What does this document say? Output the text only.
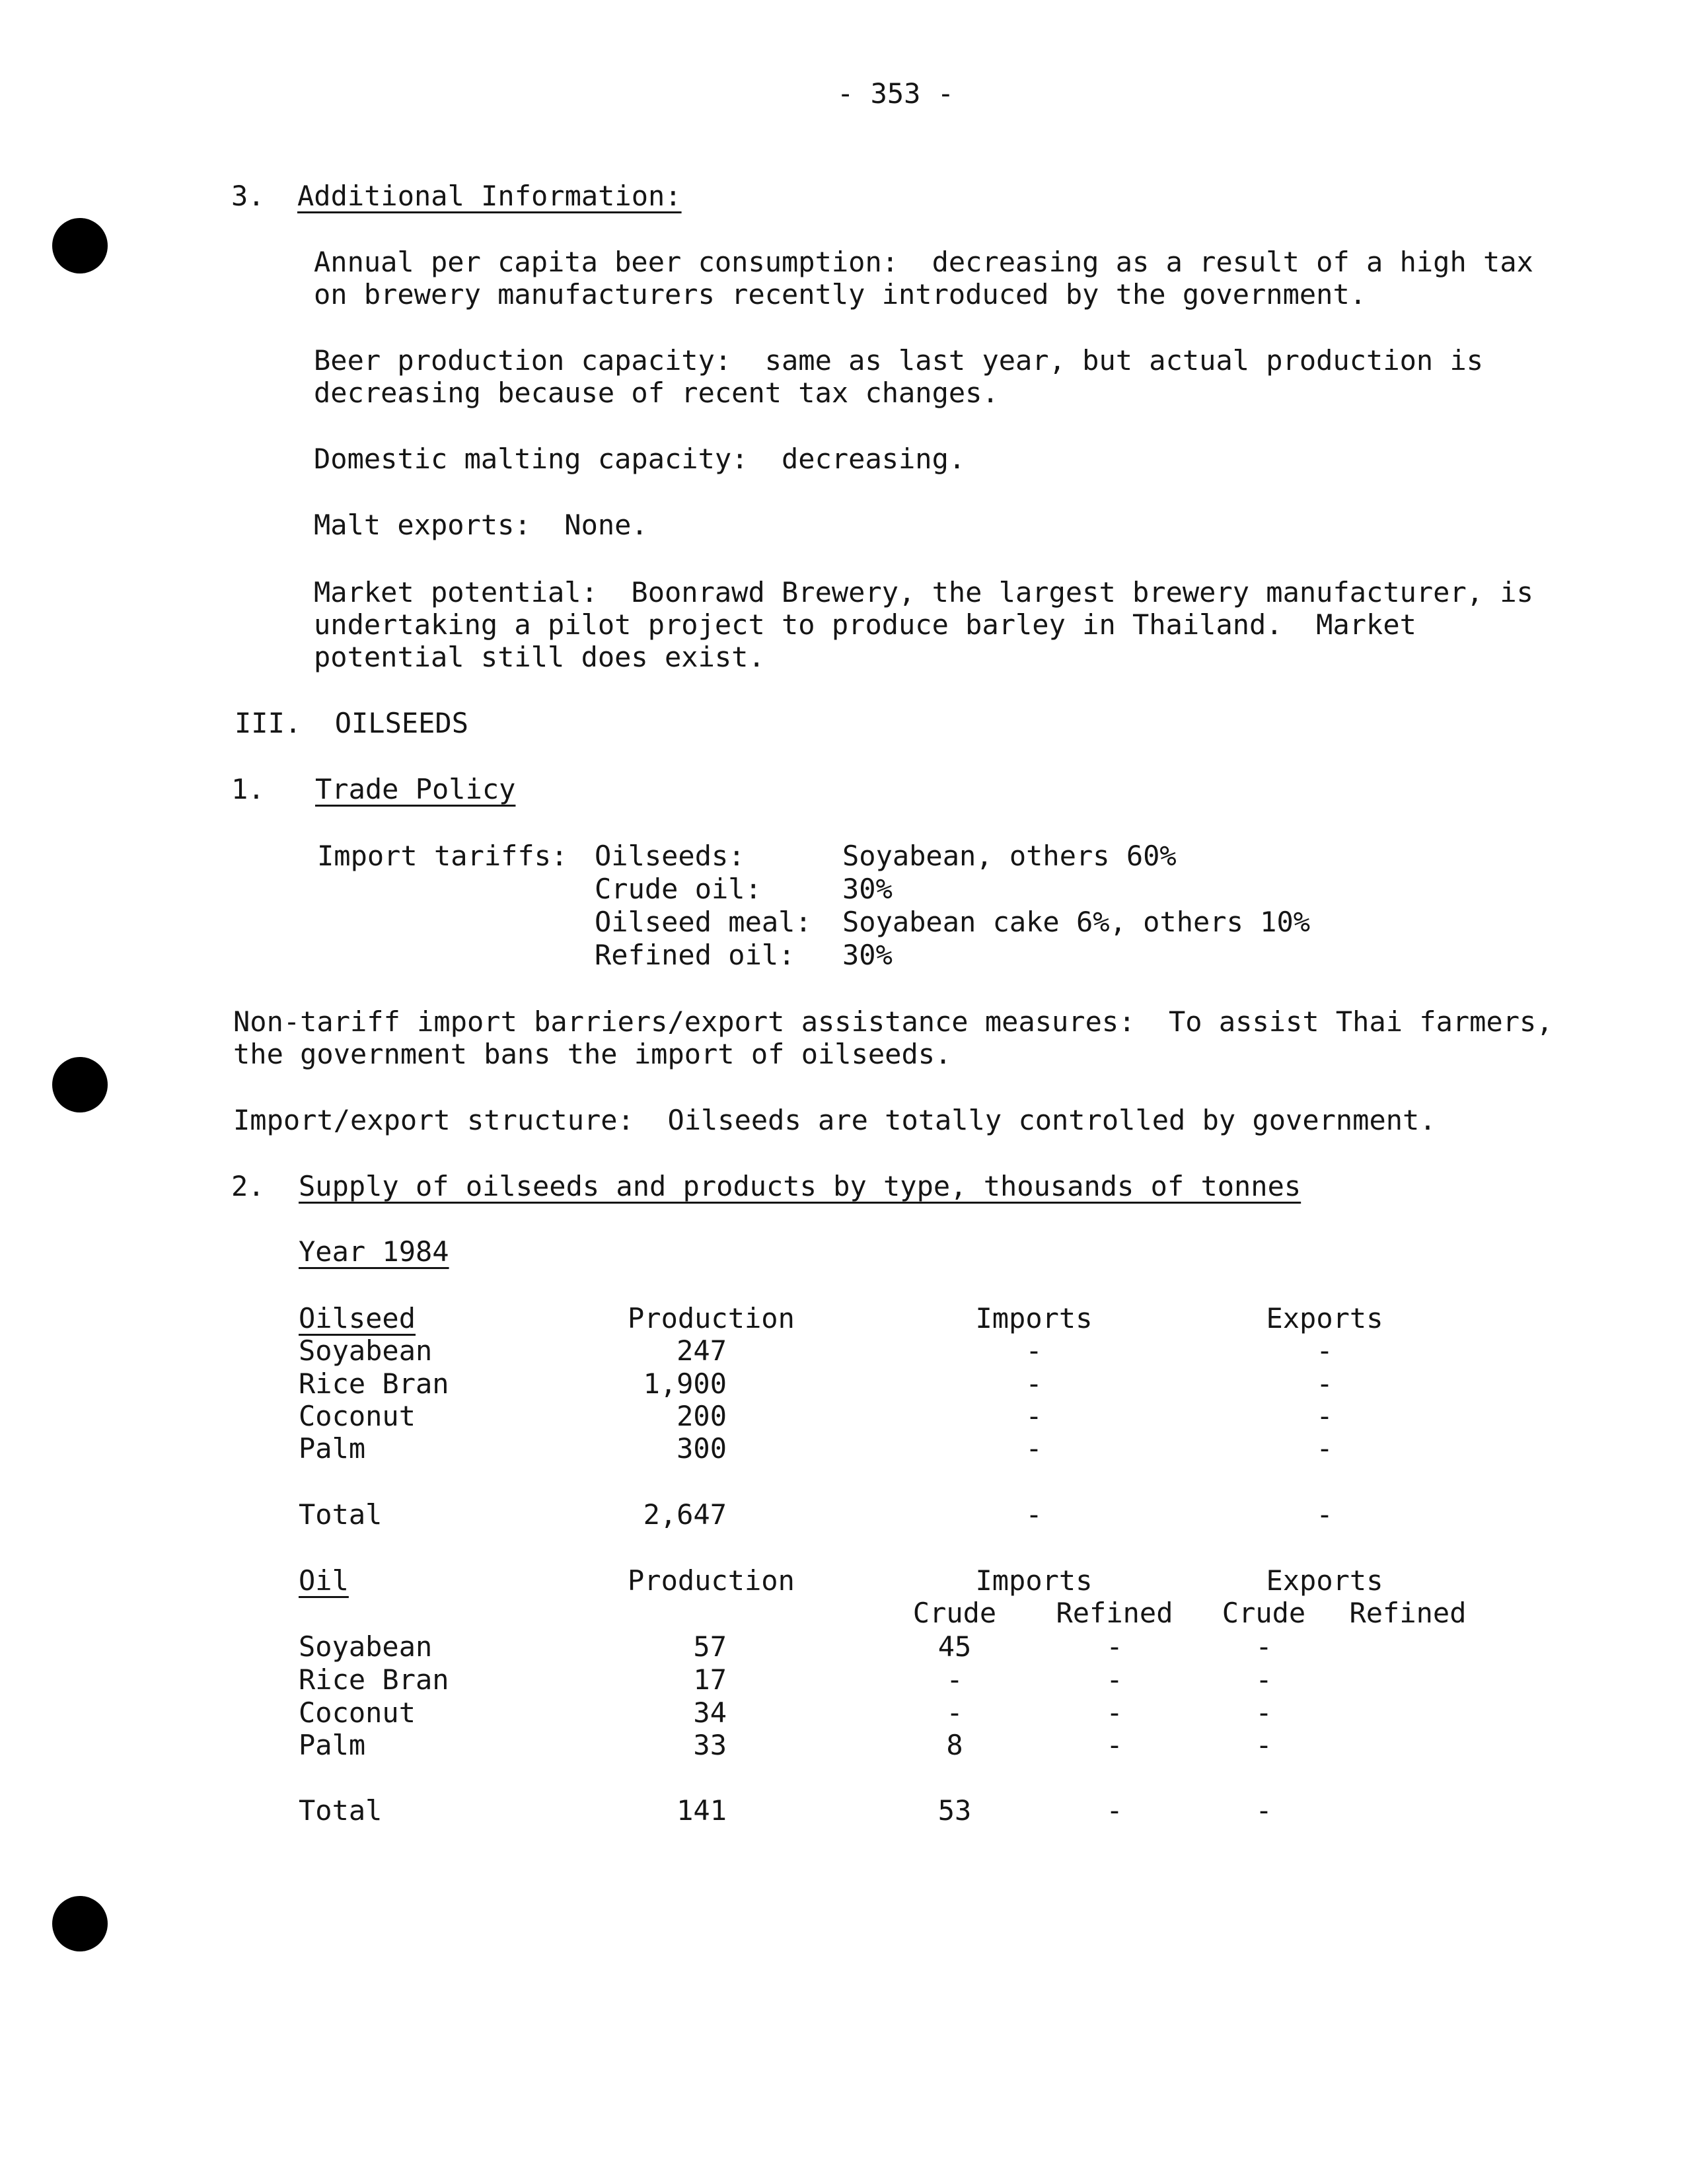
- 353 -
3. Additional Information:
Annual per capita beer consumption:  decreasing as a result of a high tax
on brewery manufacturers recently introduced by the government.
Beer production capacity:  same as last year, but actual production is
decreasing because of recent tax changes.
Domestic malting capacity:  decreasing.
Malt exports:  None.
Market potential:  Boonrawd Brewery, the largest brewery manufacturer, is
undertaking a pilot project to produce barley in Thailand.  Market
potential still does exist.
III.  OILSEEDS
1. Trade Policy
Import tariffs: Oilseeds:	Soyabean, others 60%
Crude oil:	30%
Oilseed meal: Soyabean cake 6%, others 10%
Refined oil: 30%
Non-tariff import barriers/export assistance measures:  To assist Thai farmers,
the government bans the import of oilseeds.
Import/export structure:  Oilseeds are totally controlled by government.
2. Supply of oilseeds and products by type, thousands of tonnes
Year 1984
Oilseed	Production	Imports	Exports
Soyabean	247	-	-
Rice Bran	1,900	-	-
Coconut	200	-	-
Palm	300	-	-
Total	2,647	-	-
Oil	Production	Imports	Exports
Crude Refined Crude Refined
Soyabean	57	45	-	-
Rice Bran	17	-	-	-
Coconut	34	-	-	-
Palm	33	8	-	-
Total	141	53	-	-
